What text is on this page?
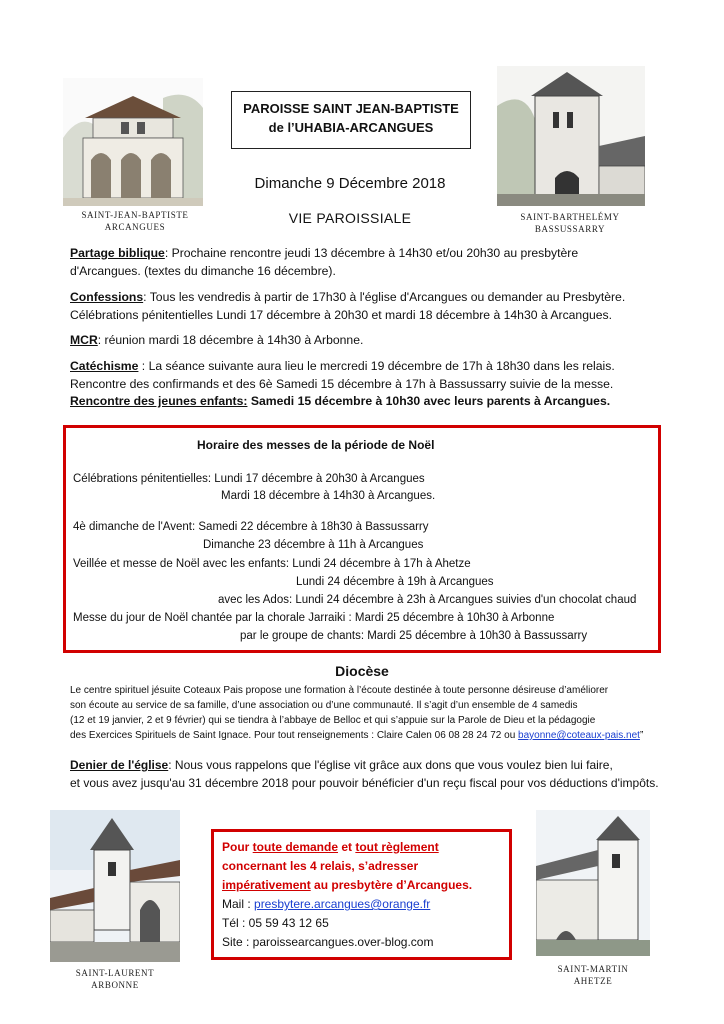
SAINT-JEAN-BAPTISTE
ARCANGUES
SAINT-BARTHELÉMY
BASSUSSARRY
PAROISSE SAINT JEAN-BAPTISTE
de l’UHABIA-ARCANGUES
Dimanche 9 Décembre 2018
VIE PAROISSIALE

Partage biblique: Prochaine rencontre jeudi 13 décembre à 14h30 et/ou 20h30 au presbytère

d'Arcangues. (textes du dimanche 16 décembre).

Confessions: Tous les vendredis à partir de 17h30 à l'église d'Arcangues ou demander au Presbytère.

Célébrations pénitentielles Lundi 17 décembre à 20h30 et mardi 18 décembre à 14h30 à Arcangues.

MCR: réunion mardi 18 décembre à 14h30 à Arbonne.

Catéchisme : La séance suivante aura lieu le mercredi 19 décembre de 17h à 18h30 dans les relais.

Rencontre des confirmands et des 6è Samedi 15 décembre à 17h à Bassussarry suivie de la messe.

Rencontre des jeunes enfants: Samedi 15 décembre à 10h30 avec leurs parents à Arcangues.

Horaire des messes de la période de Noël
Célébrations pénitentielles: Lundi 17 décembre à 20h30 à Arcangues
Mardi 18 décembre à 14h30 à Arcangues.
4è dimanche de l'Avent: Samedi 22 décembre à 18h30 à Bassussarry
Dimanche 23 décembre à 11h à Arcangues
Veillée et messe de Noël avec les enfants: Lundi 24 décembre à 17h à Ahetze
Lundi 24 décembre à 19h à Arcangues
avec les Ados: Lundi 24 décembre à 23h à Arcangues suivies d'un chocolat chaud
Messe du jour de Noël chantée par la chorale Jarraiki : Mardi 25 décembre à 10h30 à Arbonne
par le groupe de chants: Mardi 25 décembre à 10h30 à Bassussarry
Diocèse

Le centre spirituel jésuite Coteaux Pais propose une formation à l’écoute destinée à toute personne désireuse d’améliorer

son écoute au service de sa famille, d’une association ou d’une communauté. Il s’agit d’un ensemble de 4 samedis

(12 et 19 janvier, 2 et 9 février) qui se tiendra à l’abbaye de Belloc et qui s’appuie sur la Parole de Dieu et la pédagogie

des Exercices Spirituels de Saint Ignace. Pour tout renseignements : Claire Calen 06 08 28 24 72 ou bayonne@coteaux-pais.net”

Denier de l'église: Nous vous rappelons que l'église vit grâce aux dons que vous voulez bien lui faire,

et vous avez jusqu'au 31 décembre 2018 pour pouvoir bénéficier d'un reçu fiscal pour vos déductions d'impôts.

SAINT-LAURENT
ARBONNE
SAINT-MARTIN
AHETZE
Pour toute demande et tout règlement
concernant les 4 relais, s’adresser
impérativement au presbytère d’Arcangues.
Mail : presbytere.arcangues@orange.fr
Tél : 05 59 43 12 65
Site : paroissearcangues.over-blog.com
